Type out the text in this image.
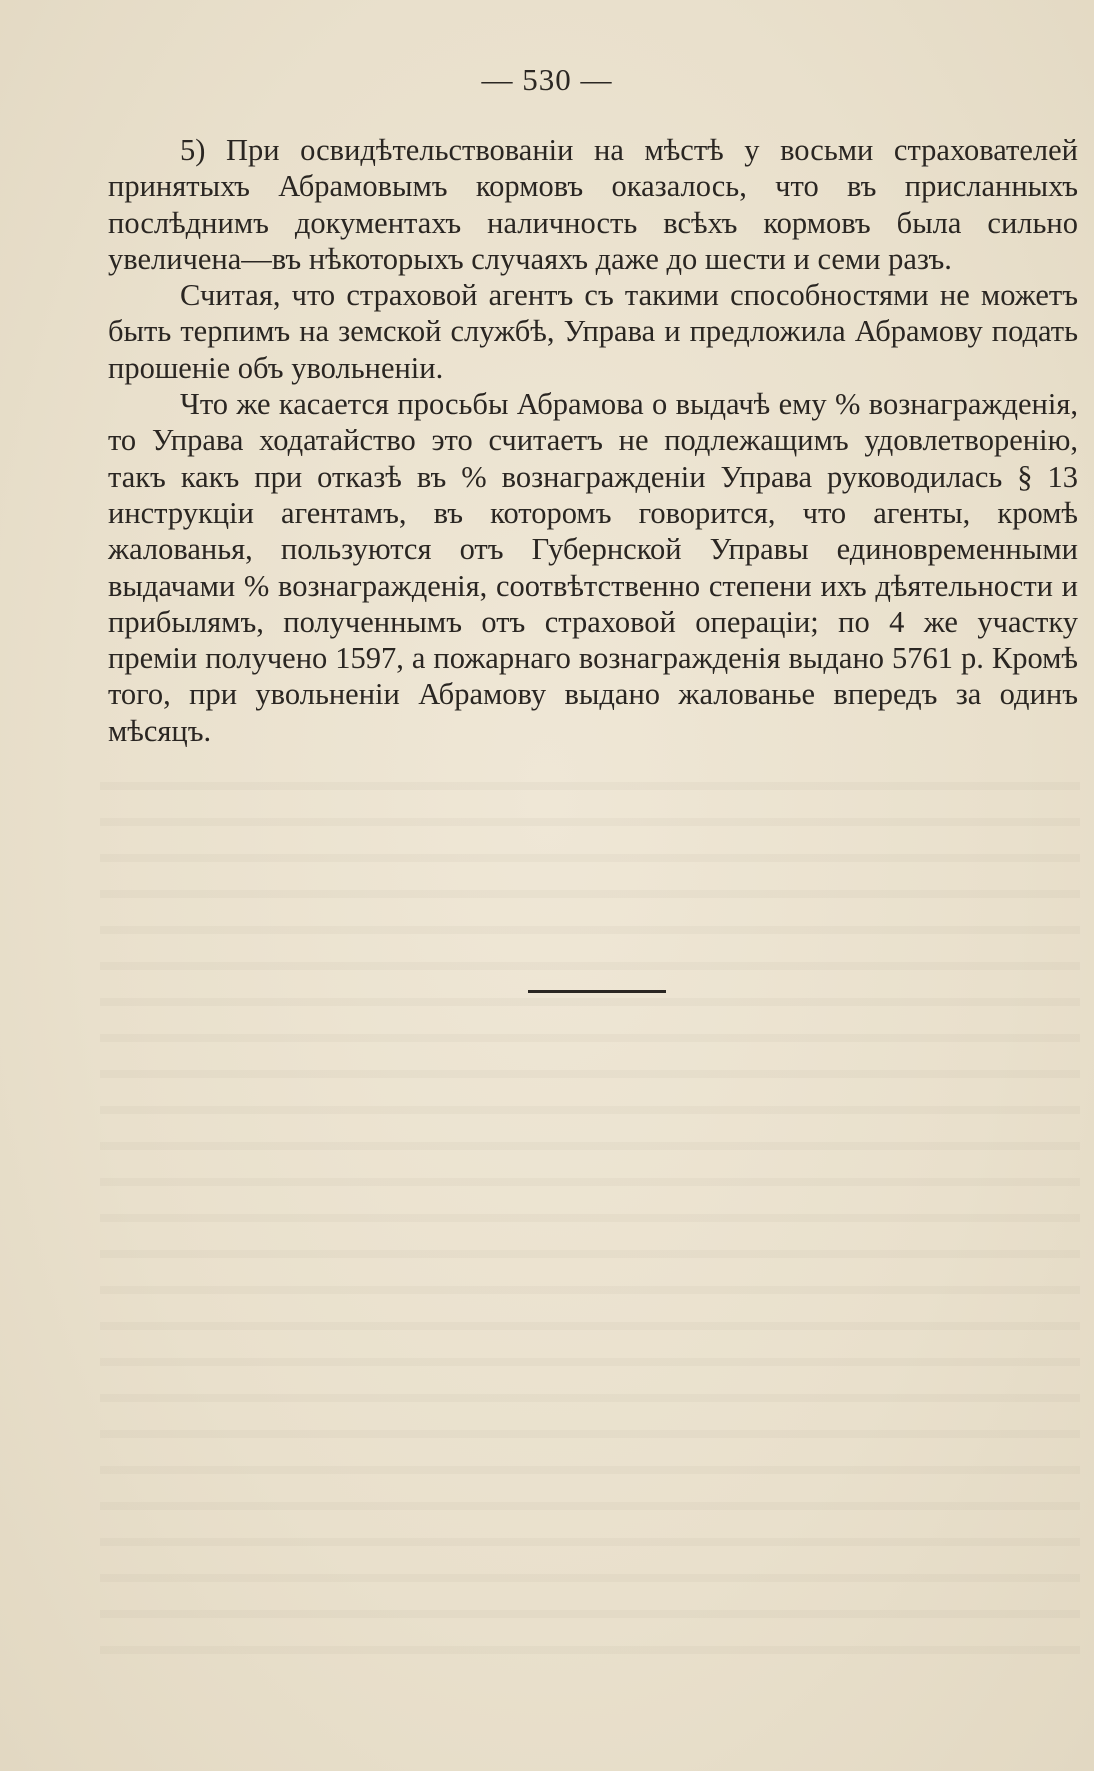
— 530 —

5) При освидѣтельствованіи на мѣстѣ у восьми страхователей принятыхъ Абрамовымъ кормовъ оказалось, что въ присланныхъ послѣднимъ документахъ наличность всѣхъ кормовъ была сильно увеличена—въ нѣкоторыхъ случаяхъ даже до шести и семи разъ.

Считая, что страховой агентъ съ такими способностями не можетъ быть терпимъ на земской службѣ, Управа и предложила Абрамову подать прошеніе объ увольненіи.

Что же касается просьбы Абрамова о выдачѣ ему % вознагражденія, то Управа ходатайство это считаетъ не подлежащимъ удовлетворенію, такъ какъ при отказѣ въ % вознагражденіи Управа руководилась § 13 инструкціи агентамъ, въ которомъ говорится, что агенты, кромѣ жалованья, пользуются отъ Губернской Управы единовременными выдачами % вознагражденія, соотвѣтственно степени ихъ дѣятельности и прибылямъ, полученнымъ отъ страховой операціи; по 4 же участку преміи получено 1597, а пожарнаго вознагражденія выдано 5761 р. Кромѣ того, при увольненіи Абрамову выдано жалованье впередъ за одинъ мѣсяцъ.
